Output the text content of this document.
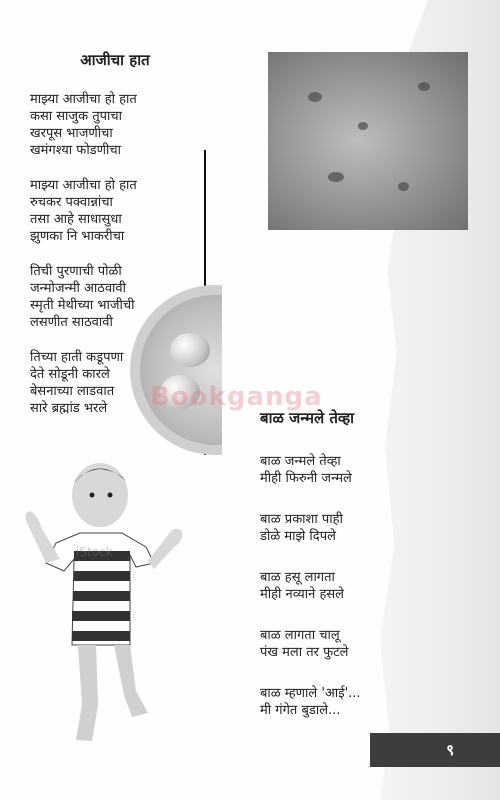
आजीचा हात
माझ्या आजीचा हो हात
कसा साजुक तुपाचा
खरपूस भाजणीचा
खमंगश्या फोडणीचा
माझ्या आजीचा हो हात
रुचकर पक्वान्नांचा
तसा आहे साधासुधा
झुणका नि भाकरीचा
तिची पुरणाची पोळी
जन्मोजन्मी आठवावी
स्मृती मेथीच्या भाजीची
लसणीत साठवावी
तिच्या हाती कडूपणा
देते सोडूनी कारले
बेसनाच्या लाडवात
सारे ब्रह्मांड भरले	Bookganga
iStock
बाळ जन्मले तेव्हा
बाळ जन्मले तेव्हा
मीही फिरुनी जन्मले
बाळ प्रकाशा पाही
डोळे माझे दिपले
बाळ हसू लागता
मीही नव्याने हसले
बाळ लागता चालू
पंख मला तर फुटले
बाळ म्हणाले 'आई'...
मी गंगेत बुडाले...
९
